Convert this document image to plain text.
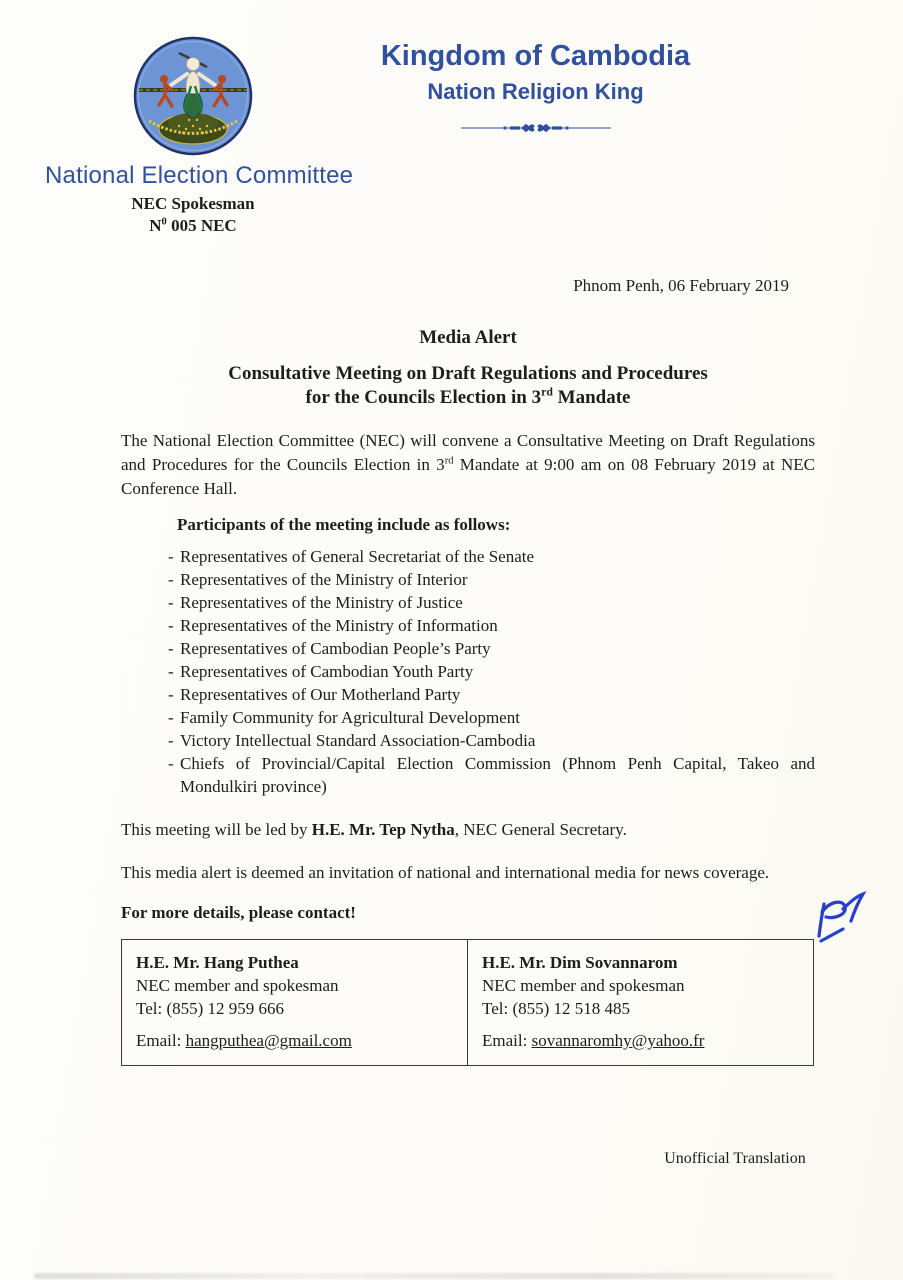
National Election Committee
NEC Spokesman
$N^0$ 005 NEC
Kingdom of Cambodia
Nation Religion King
Phnom Penh, 06 February 2019
Media Alert
Consultative Meeting on Draft Regulations and Procedures
for the Councils Election in 3rd Mandate
The National Election Committee (NEC) will convene a Consultative Meeting on Draft Regulations and Procedures for the Councils Election in 3rd Mandate at 9:00 am on 08 February 2019 at NEC Conference Hall.
Participants of the meeting include as follows:
- Representatives of General Secretariat of the Senate
- Representatives of the Ministry of Interior
- Representatives of the Ministry of Justice
- Representatives of the Ministry of Information
- Representatives of Cambodian People’s Party
- Representatives of Cambodian Youth Party
- Representatives of Our Motherland Party
- Family Community for Agricultural Development
- Victory Intellectual Standard Association-Cambodia
- Chiefs of Provincial/Capital Election Commission (Phnom Penh Capital, Takeo and Mondulkiri province)
This meeting will be led by H.E. Mr. Tep Nytha, NEC General Secretary.
This media alert is deemed an invitation of national and international media for news coverage.
For more details, please contact!
H.E. Mr. Hang Puthea
NEC member and spokesman
Tel: (855) 12 959 666
Email: hangputhea@gmail.com

H.E. Mr. Dim Sovannarom
NEC member and spokesman
Tel: (855) 12 518 485
Email: sovannaromhy@yahoo.fr
Unofficial Translation
